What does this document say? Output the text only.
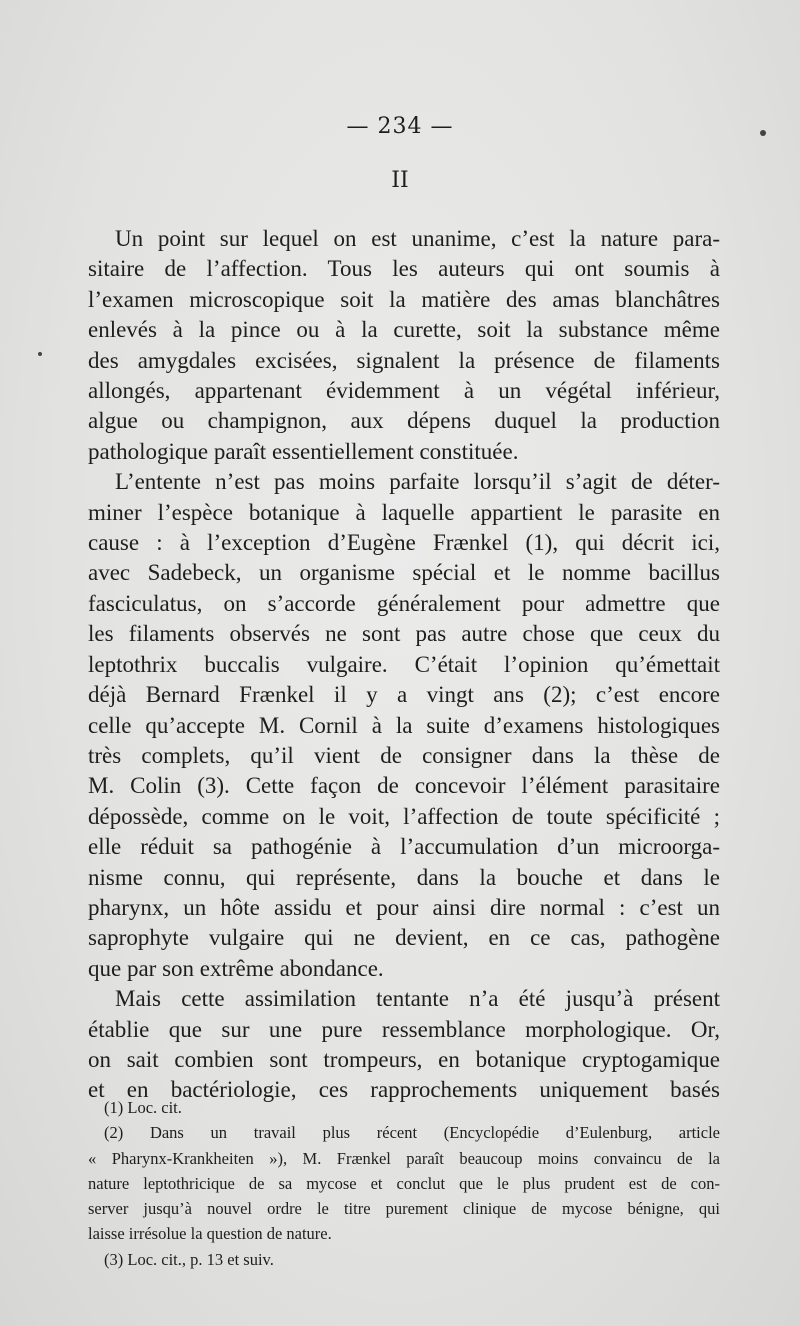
— 234 —
II
Un point sur lequel on est unanime, c’est la nature para-
sitaire de l’affection. Tous les auteurs qui ont soumis à
l’examen microscopique soit la matière des amas blanchâtres
enlevés à la pince ou à la curette, soit la substance même
des amygdales excisées, signalent la présence de filaments
allongés, appartenant évidemment à un végétal inférieur,
algue ou champignon, aux dépens duquel la production
pathologique paraît essentiellement constituée.
L’entente n’est pas moins parfaite lorsqu’il s’agit de déter-
miner l’espèce botanique à laquelle appartient le parasite en
cause : à l’exception d’Eugène Frænkel (1), qui décrit ici,
avec Sadebeck, un organisme spécial et le nomme bacillus
fasciculatus, on s’accorde généralement pour admettre que
les filaments observés ne sont pas autre chose que ceux du
leptothrix buccalis vulgaire. C’était l’opinion qu’émettait
déjà Bernard Frænkel il y a vingt ans (2); c’est encore
celle qu’accepte M. Cornil à la suite d’examens histologiques
très complets, qu’il vient de consigner dans la thèse de
M. Colin (3). Cette façon de concevoir l’élément parasitaire
dépossède, comme on le voit, l’affection de toute spécificité ;
elle réduit sa pathogénie à l’accumulation d’un microorga-
nisme connu, qui représente, dans la bouche et dans le
pharynx, un hôte assidu et pour ainsi dire normal : c’est un
saprophyte vulgaire qui ne devient, en ce cas, pathogène
que par son extrême abondance.
Mais cette assimilation tentante n’a été jusqu’à présent
établie que sur une pure ressemblance morphologique. Or,
on sait combien sont trompeurs, en botanique cryptogamique
et en bactériologie, ces rapprochements uniquement basés
(1) Loc. cit.
(2) Dans un travail plus récent (Encyclopédie d’Eulenburg, article
« Pharynx-Krankheiten »), M. Frænkel paraît beaucoup moins convaincu de la
nature leptothricique de sa mycose et conclut que le plus prudent est de con-
server jusqu’à nouvel ordre le titre purement clinique de mycose bénigne, qui
laisse irrésolue la question de nature.
(3) Loc. cit., p. 13 et suiv.
